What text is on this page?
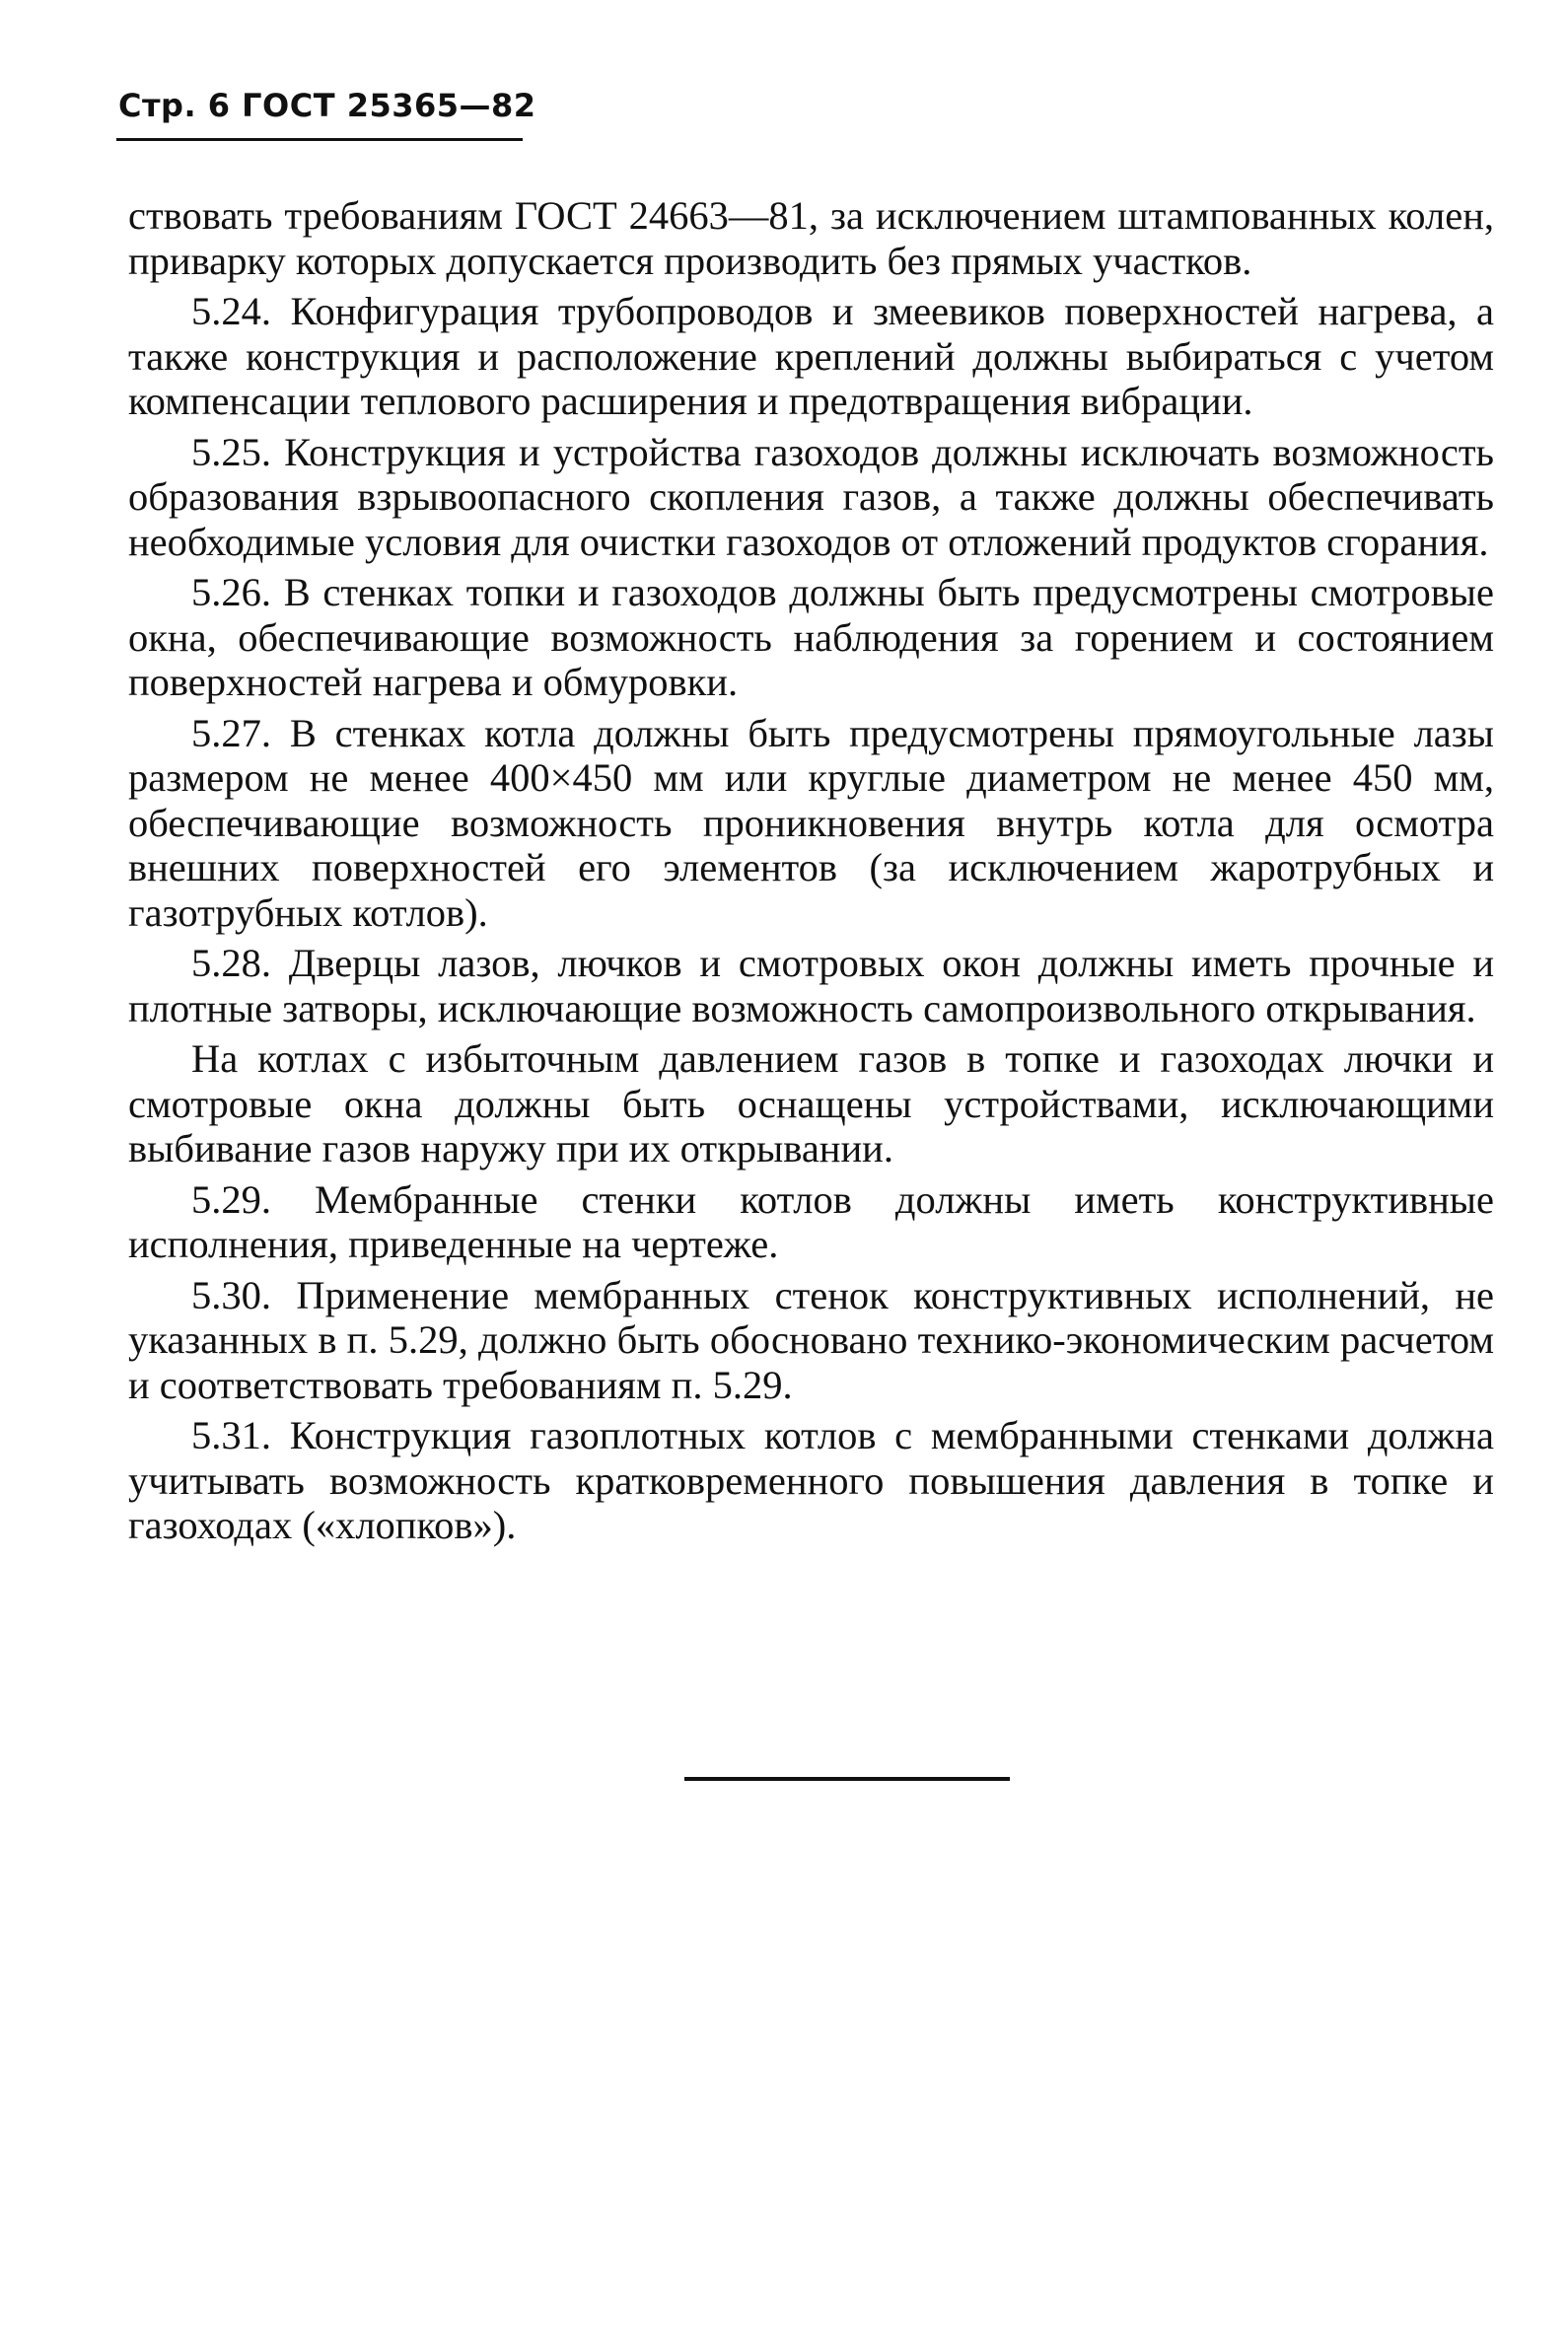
Стр. 6 ГОСТ 25365—82

ствовать требованиям ГОСТ 24663—81, за исключением штампованных колен, приварку которых допускается производить без прямых участков.

5.24. Конфигурация трубопроводов и змеевиков поверхностей нагрева, а также конструкция и расположение креплений должны выбираться с учетом компенсации теплового расширения и предотвращения вибрации.

5.25. Конструкция и устройства газоходов должны исключать возможность образования взрывоопасного скопления газов, а также должны обеспечивать необходимые условия для очистки газоходов от отложений продуктов сгорания.

5.26. В стенках топки и газоходов должны быть предусмотрены смотровые окна, обеспечивающие возможность наблюдения за горением и состоянием поверхностей нагрева и обмуровки.

5.27. В стенках котла должны быть предусмотрены прямоугольные лазы размером не менее 400×450 мм или круглые диаметром не менее 450 мм, обеспечивающие возможность проникновения внутрь котла для осмотра внешних поверхностей его элементов (за исключением жаротрубных и газотрубных котлов).

5.28. Дверцы лазов, лючков и смотровых окон должны иметь прочные и плотные затворы, исключающие возможность самопроизвольного открывания.

На котлах с избыточным давлением газов в топке и газоходах лючки и смотровые окна должны быть оснащены устройствами, исключающими выбивание газов наружу при их открывании.

5.29. Мембранные стенки котлов должны иметь конструктивные исполнения, приведенные на чертеже.

5.30. Применение мембранных стенок конструктивных исполнений, не указанных в п. 5.29, должно быть обосновано технико-экономическим расчетом и соответствовать требованиям п. 5.29.

5.31. Конструкция газоплотных котлов с мембранными стенками должна учитывать возможность кратковременного повышения давления в топке и газоходах («хлопков»).
